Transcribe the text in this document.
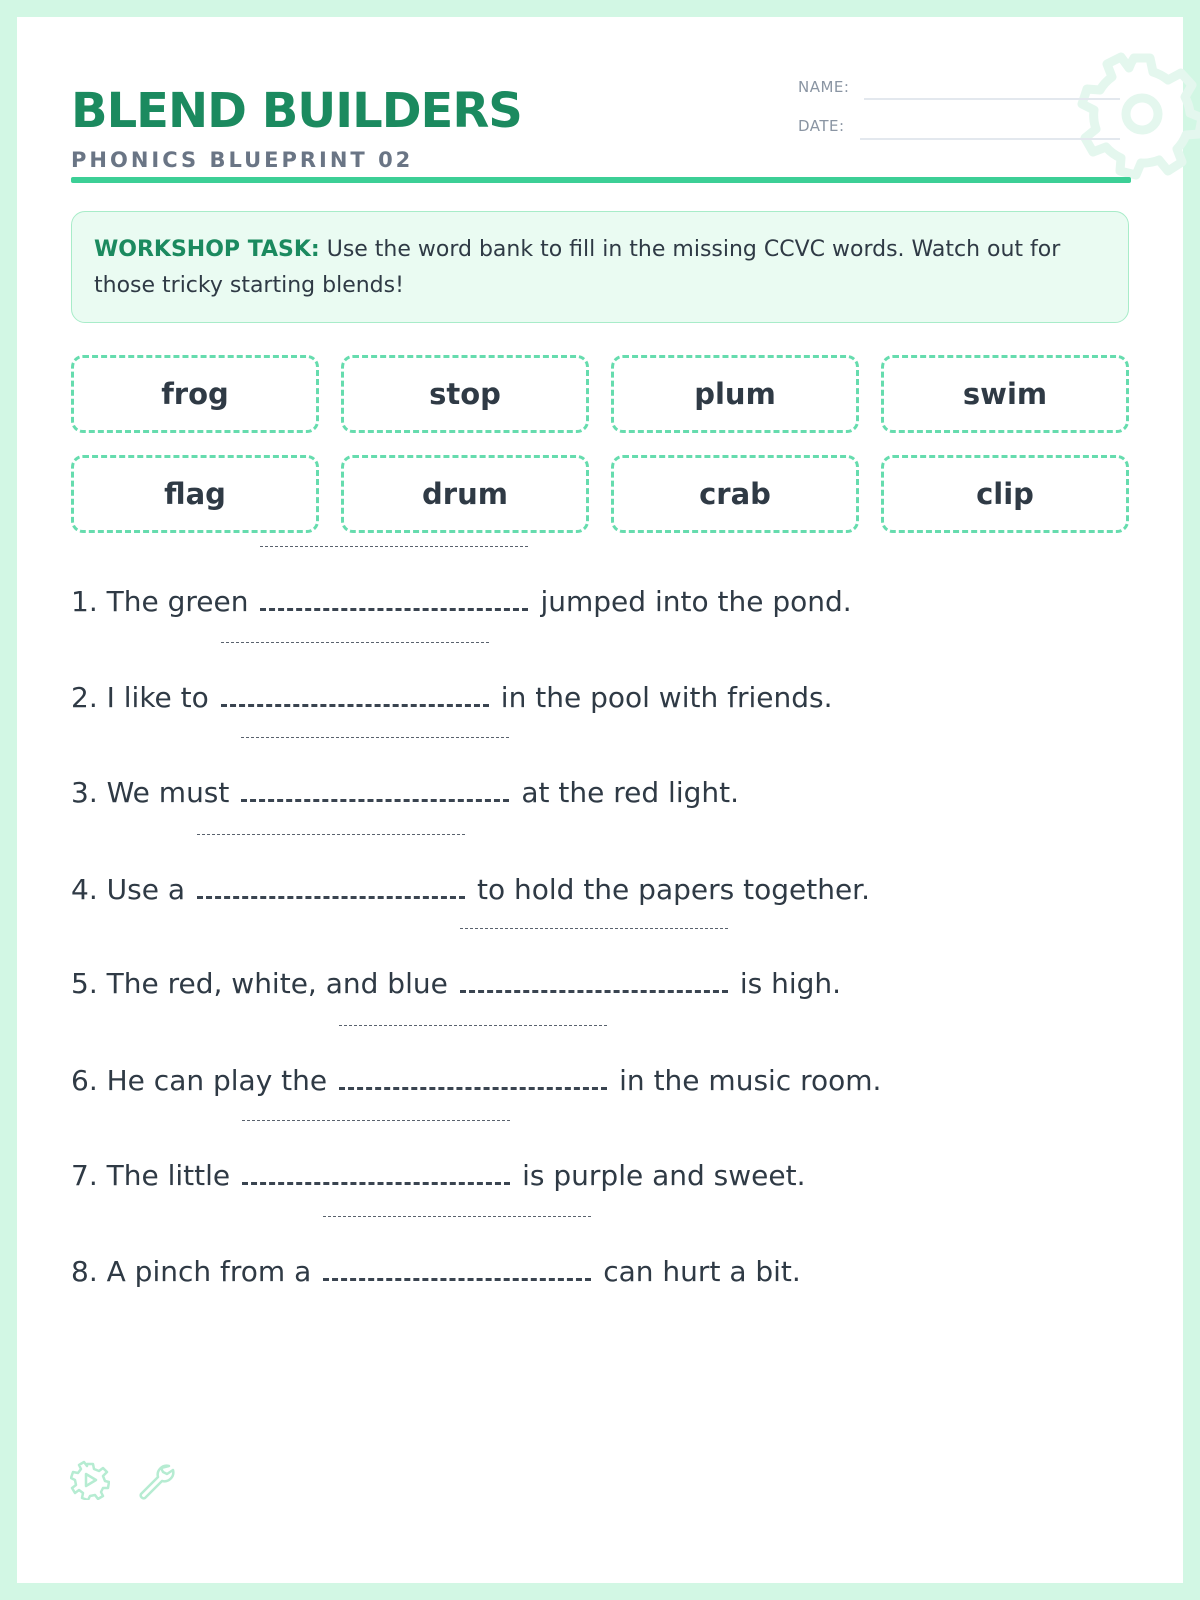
BLEND BUILDERS
PHONICS BLUEPRINT 02
NAME:
DATE:
WORKSHOP TASK: Use the word bank to fill in the missing CCVC words. Watch out for those tricky starting blends!
frog	stop	plum	swim
flag	drum	crab	clip
1. The green	jumped into the pond.
2. I like to	in the pool with friends.
3. We must	at the red light.
4. Use a	to hold the papers together.
5. The red, white, and blue	is high.
6. He can play the	in the music room.
7. The little	is purple and sweet.
8. A pinch from a	can hurt a bit.
